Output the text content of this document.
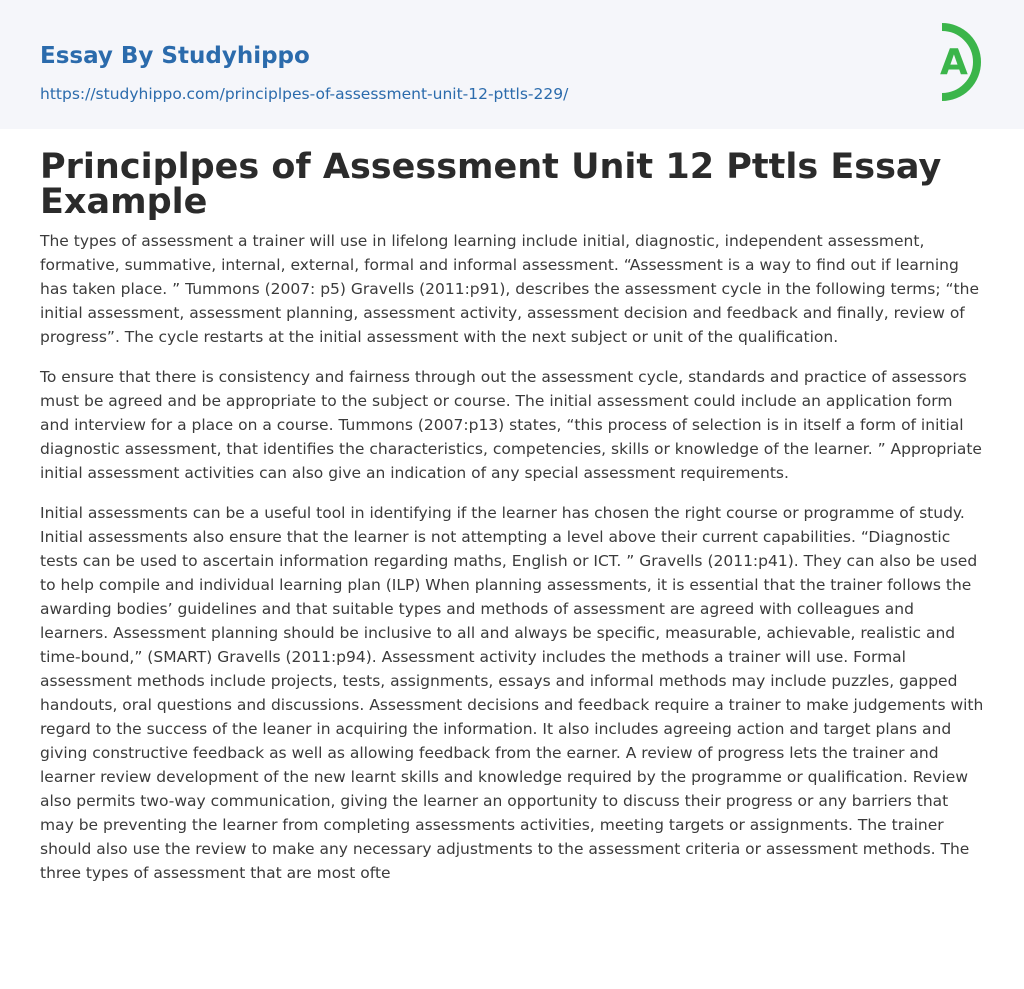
Essay By Studyhippo
https://studyhippo.com/principlpes-of-assessment-unit-12-pttls-229/
A
Principlpes of Assessment Unit 12 Pttls Essay Example

The types of assessment a trainer will use in lifelong learning include initial, diagnostic, independent assessment, formative, summative, internal, external, formal and informal assessment. “Assessment is a way to find out if learning has taken place. ” Tummons (2007: p5) Gravells (2011:p91), describes the assessment cycle in the following terms; “the initial assessment, assessment planning, assessment activity, assessment decision and feedback and finally, review of progress”. The cycle restarts at the initial assessment with the next subject or unit of the qualification.

To ensure that there is consistency and fairness through out the assessment cycle, standards and practice of assessors must be agreed and be appropriate to the subject or course. The initial assessment could include an application form and interview for a place on a course. Tummons (2007:p13) states, “this process of selection is in itself a form of initial diagnostic assessment, that identifies the characteristics, competencies, skills or knowledge of the learner. ” Appropriate initial assessment activities can also give an indication of any special assessment requirements.

Initial assessments can be a useful tool in identifying if the learner has chosen the right course or programme of study. Initial assessments also ensure that the learner is not attempting a level above their current capabilities. “Diagnostic tests can be used to ascertain information regarding maths, English or ICT. ” Gravells (2011:p41). They can also be used to help compile and individual learning plan (ILP) When planning assessments, it is essential that the trainer follows the awarding bodies’ guidelines and that suitable types and methods of assessment are agreed with colleagues and learners. Assessment planning should be inclusive to all and always be specific, measurable, achievable, realistic and time-bound,” (SMART) Gravells (2011:p94). Assessment activity includes the methods a trainer will use. Formal assessment methods include projects, tests, assignments, essays and informal methods may include puzzles, gapped handouts, oral questions and discussions. Assessment decisions and feedback require a trainer to make judgements with regard to the success of the leaner in acquiring the information. It also includes agreeing action and target plans and giving constructive feedback as well as allowing feedback from the earner. A review of progress lets the trainer and learner review development of the new learnt skills and knowledge required by the programme or qualification. Review also permits two-way communication, giving the learner an opportunity to discuss their progress or any barriers that may be preventing the learner from completing assessments activities, meeting targets or assignments. The trainer should also use the review to make any necessary adjustments to the assessment criteria or assessment methods. The three types of assessment that are most ofte
